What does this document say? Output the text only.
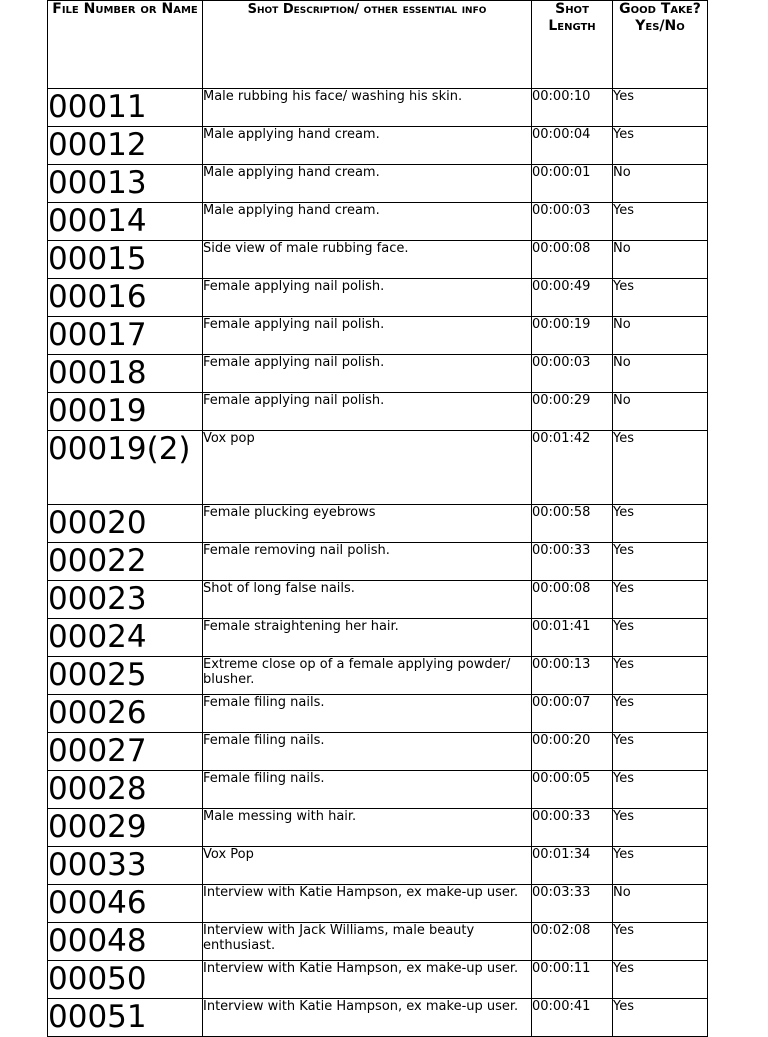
File Number or Name	Shot Description/ other essential info	Shot Length	Good Take? Yes/No
00011	Male rubbing his face/ washing his skin.	00:00:10	Yes
00012	Male applying hand cream.	00:00:04	Yes
00013	Male applying hand cream.	00:00:01	No
00014	Male applying hand cream.	00:00:03	Yes
00015	Side view of male rubbing face.	00:00:08	No
00016	Female applying nail polish.	00:00:49	Yes
00017	Female applying nail polish.	00:00:19	No
00018	Female applying nail polish.	00:00:03	No
00019	Female applying nail polish.	00:00:29	No
00019(2)	Vox pop	00:01:42	Yes
00020	Female plucking eyebrows	00:00:58	Yes
00022	Female removing nail polish.	00:00:33	Yes
00023	Shot of long false nails.	00:00:08	Yes
00024	Female straightening her hair.	00:01:41	Yes
00025	Extreme close op of a female applying powder/ blusher.	00:00:13	Yes
00026	Female filing nails.	00:00:07	Yes
00027	Female filing nails.	00:00:20	Yes
00028	Female filing nails.	00:00:05	Yes
00029	Male messing with hair.	00:00:33	Yes
00033	Vox Pop	00:01:34	Yes
00046	Interview with Katie Hampson, ex make-up user.	00:03:33	No
00048	Interview with Jack Williams, male beauty enthusiast.	00:02:08	Yes
00050	Interview with Katie Hampson, ex make-up user.	00:00:11	Yes
00051	Interview with Katie Hampson, ex make-up user.	00:00:41	Yes
